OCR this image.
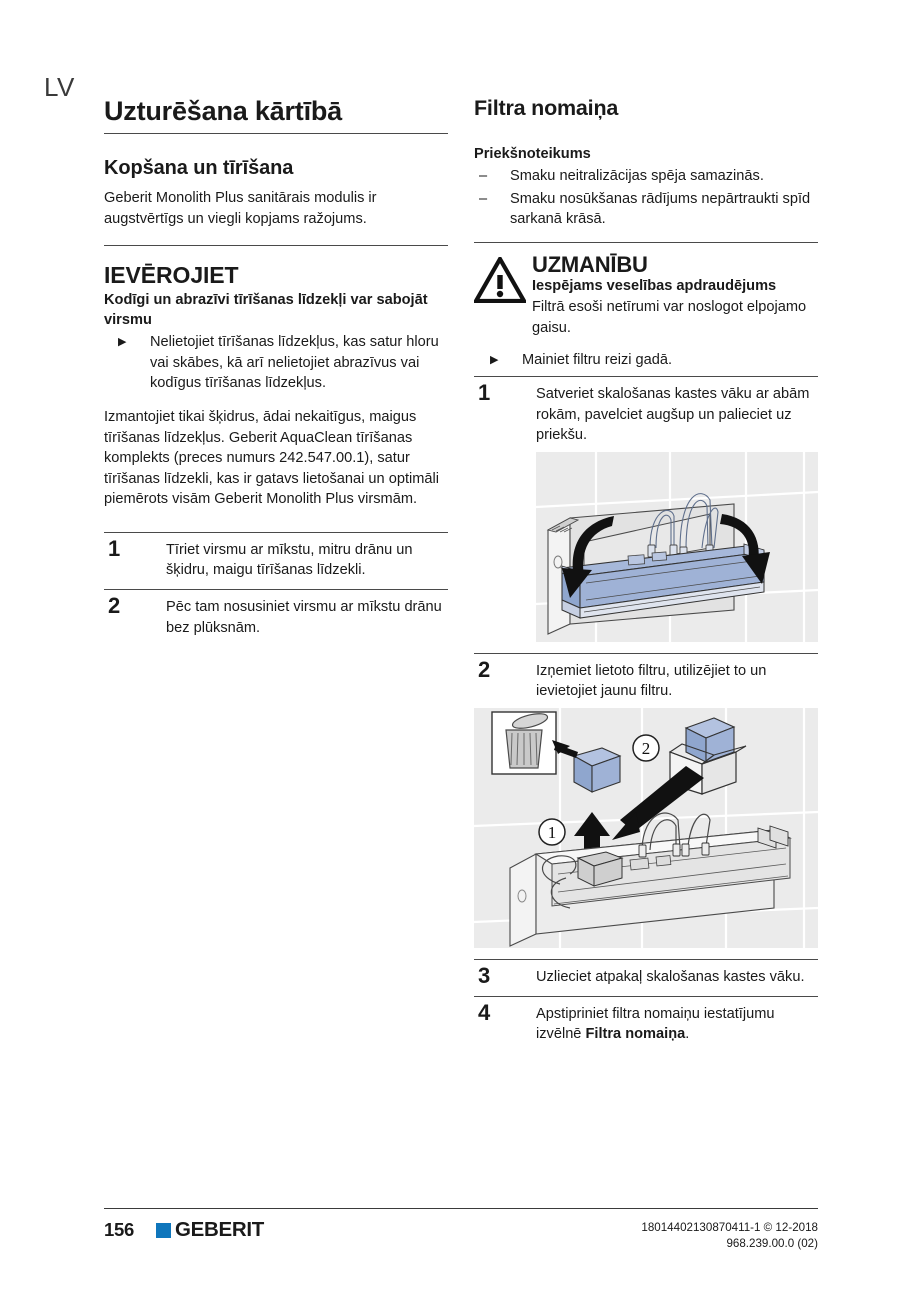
LV
Uzturēšana kārtībā
Kopšana un tīrīšana

Geberit Monolith Plus sanitārais modulis ir augstvērtīgs un viegli kopjams ražojums.

IEVĒROJIET
Kodīgi un abrazīvi tīrīšanas līdzekļi var sabojāt virsmu
▶ Nelietojiet tīrīšanas līdzekļus, kas satur hloru vai skābes, kā arī nelietojiet abrazīvus vai kodīgus tīrīšanas līdzekļus.

Izmantojiet tikai šķidrus, ādai nekaitīgus, maigus tīrīšanas līdzekļus. Geberit AquaClean tīrīšanas komplekts (preces numurs 242.547.00.1), satur tīrīšanas līdzekli, kas ir gatavs lietošanai un optimāli piemērots visām Geberit Monolith Plus virsmām.

1	Tīriet virsmu ar mīkstu, mitru drānu un šķidru, maigu tīrīšanas līdzekli.

2	Pēc tam nosusiniet virsmu ar mīkstu drānu bez plūksnām.

Filtra nomaiņa
Priekšnoteikums
– Smaku neitralizācijas spēja samazinās.
– Smaku nosūkšanas rādījums nepārtraukti spīd sarkanā krāsā.

UZMANĪBU

Iespējams veselības apdraudējums

Filtrā esoši netīrumi var noslogot elpojamo gaisu.

▶ Mainiet filtru reizi gadā.
1	Satveriet skalošanas kastes vāku ar abām rokām, pavelciet augšup un palieciet uz priekšu.

2	Izņemiet lietoto filtru, utilizējiet to un ievietojiet jaunu filtru.

1
2
3	Uzlieciet atpakaļ skalošanas kastes vāku.

4	Apstipriniet filtra nomaiņu iestatījumu izvēlnē Filtra nomaiņa.

156 GEBERIT	18014402130870411-1 © 12-2018
968.239.00.0 (02)
